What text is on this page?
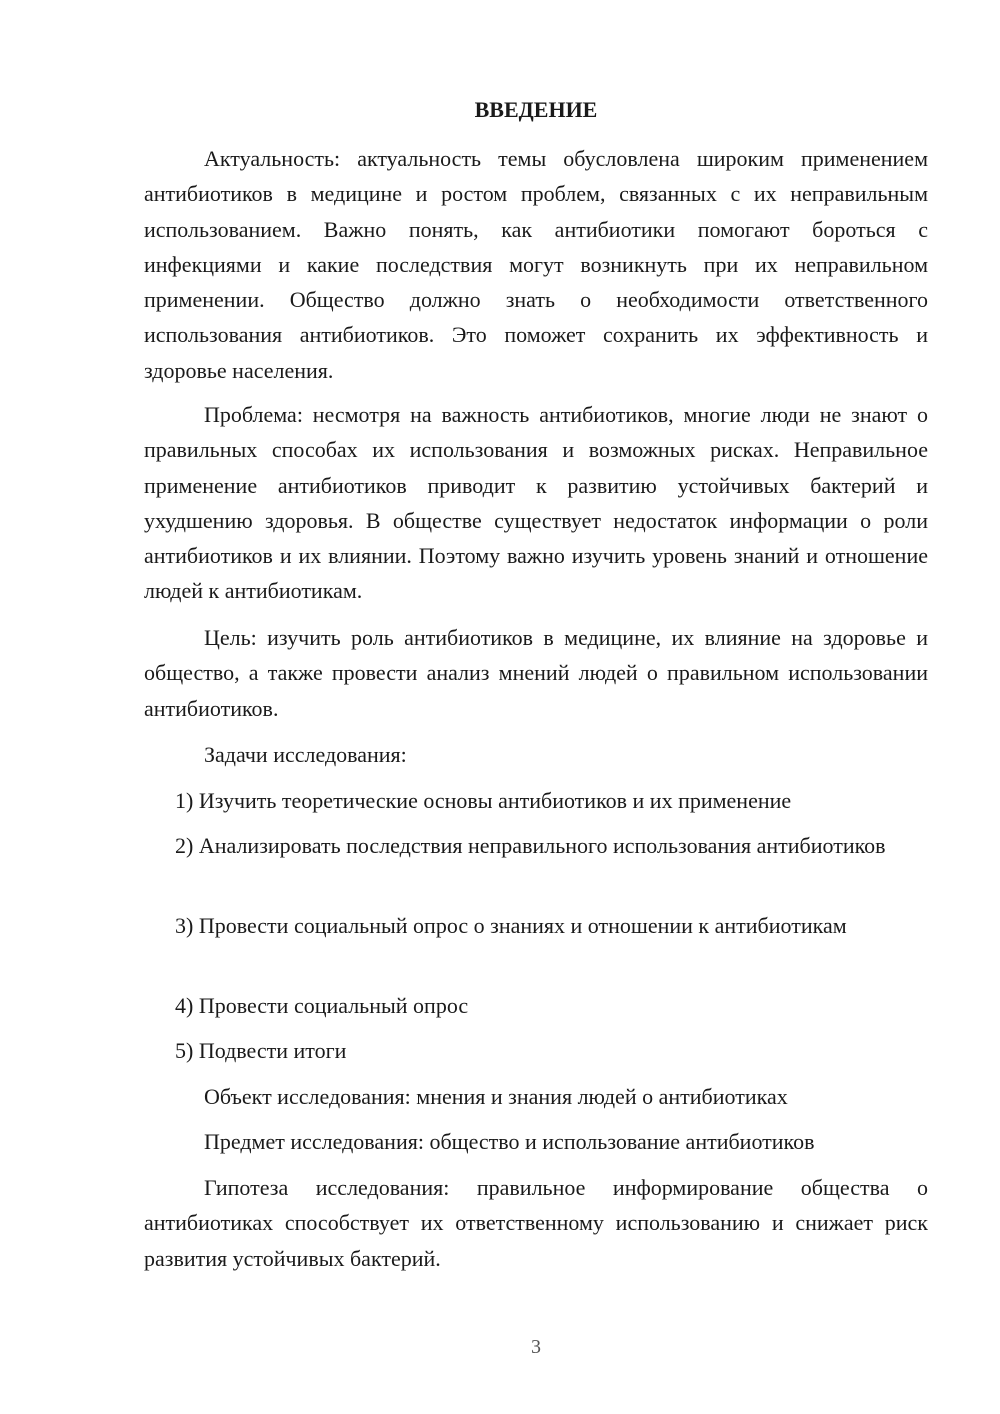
ВВЕДЕНИЕ

Актуальность: актуальность темы обусловлена широким применением антибиотиков в медицине и ростом проблем, связанных с их неправильным использованием. Важно понять, как антибиотики помогают бороться с инфекциями и какие последствия могут возникнуть при их неправильном применении. Общество должно знать о необходимости ответственного использования антибиотиков. Это поможет сохранить их эффективность и здоровье населения.

Проблема: несмотря на важность антибиотиков, многие люди не знают о правильных способах их использования и возможных рисках. Неправильное применение антибиотиков приводит к развитию устойчивых бактерий и ухудшению здоровья. В обществе существует недостаток информации о роли антибиотиков и их влиянии. Поэтому важно изучить уровень знаний и отношение людей к антибиотикам.

Цель: изучить роль антибиотиков в медицине, их влияние на здоровье и общество, а также провести анализ мнений людей о правильном использовании антибиотиков.

Задачи исследования:

1) Изучить теоретические основы антибиотиков и их применение

2) Анализировать последствия неправильного использования антибиотиков

3) Провести социальный опрос о знаниях и отношении к антибиотикам

4) Провести социальный опрос

5) Подвести итоги

Объект исследования: мнения и знания людей о антибиотиках

Предмет исследования: общество и использование антибиотиков

Гипотеза исследования: правильное информирование общества о антибиотиках способствует их ответственному использованию и снижает риск развития устойчивых бактерий.

3
